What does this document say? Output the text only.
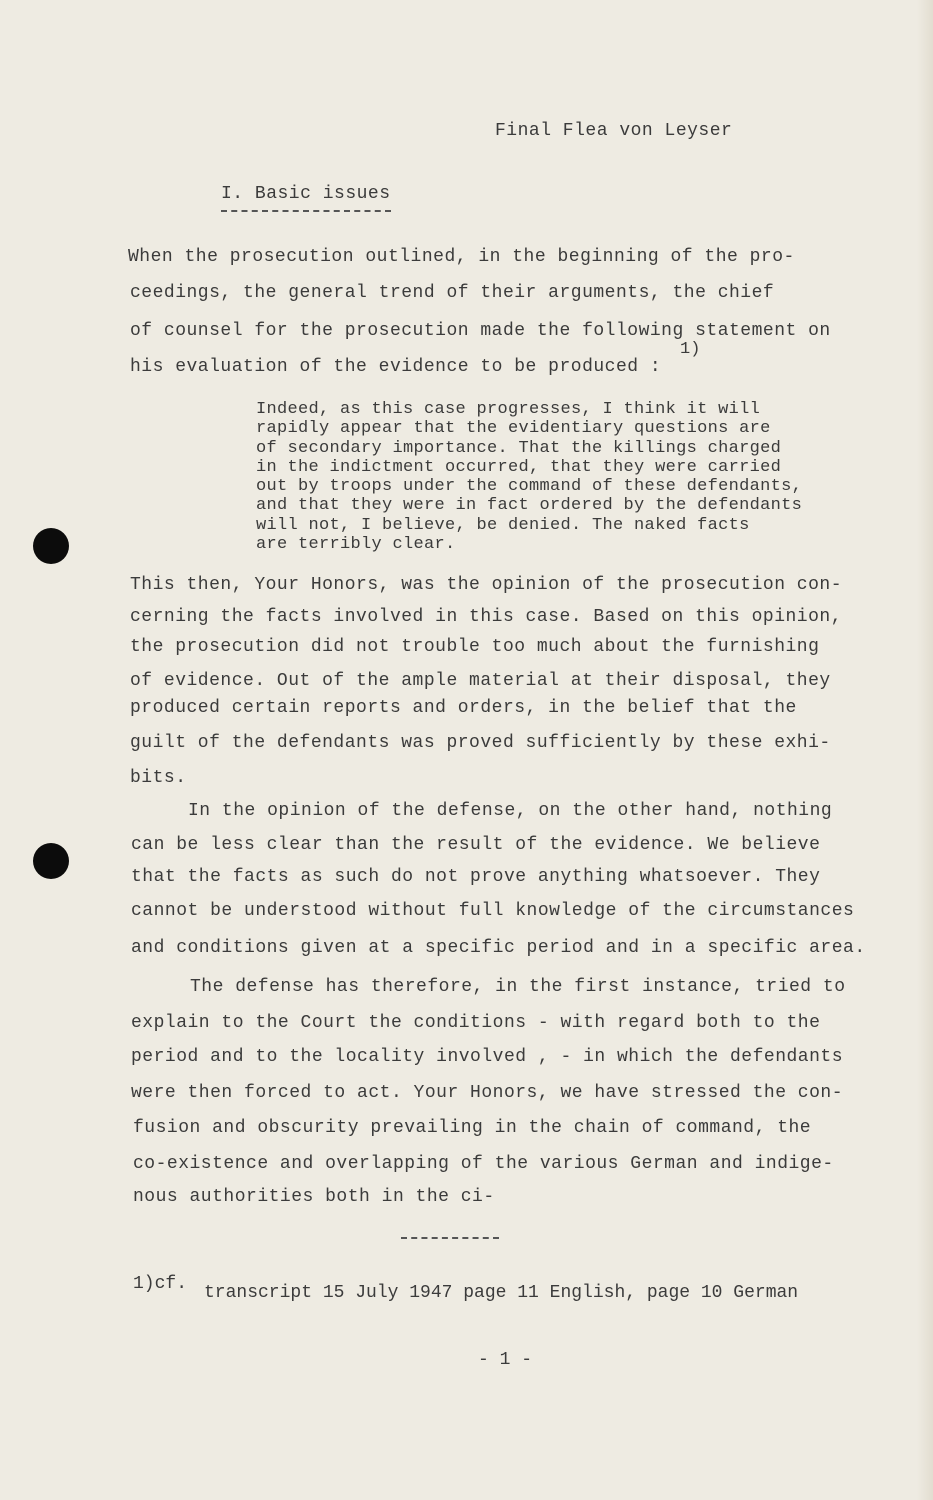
Final Flea von Leyser
I. Basic issues
When the prosecution outlined, in the beginning of the pro-
ceedings, the general trend of their arguments, the chief
of counsel for the prosecution made the following statement on
his evaluation of the evidence to be produced :
1)
Indeed, as this case progresses, I think it will
rapidly appear that the evidentiary questions are
of secondary importance. That the killings charged
in the indictment occurred, that they were carried
out by troops under the command of these defendants,
and that they were in fact ordered by the defendants
will not, I believe, be denied. The naked facts
are terribly clear.
This then, Your Honors, was the opinion of the prosecution con-
cerning the facts involved in this case. Based on this opinion,
the prosecution did not trouble too much about the furnishing
of evidence. Out of the ample material at their disposal, they
produced certain reports and orders, in the belief that the
guilt of the defendants was proved sufficiently by these exhi-
bits.
In the opinion of the defense, on the other hand, nothing
can be less clear than the result of the evidence. We believe
that the facts as such do not prove anything whatsoever. They
cannot be understood without full knowledge of the circumstances
and conditions given at a specific period and in a specific area.
The defense has therefore, in the first instance, tried to
explain to the Court the conditions - with regard both to the
period and to the locality involved , - in which the defendants
were then forced to act. Your Honors, we have stressed the con-
fusion and obscurity prevailing in the chain of command, the
co-existence and overlapping of the various German and indige-
nous authorities both in the ci-
1)cf. transcript 15 July 1947 page 11 English, page 10 German
- 1 -
